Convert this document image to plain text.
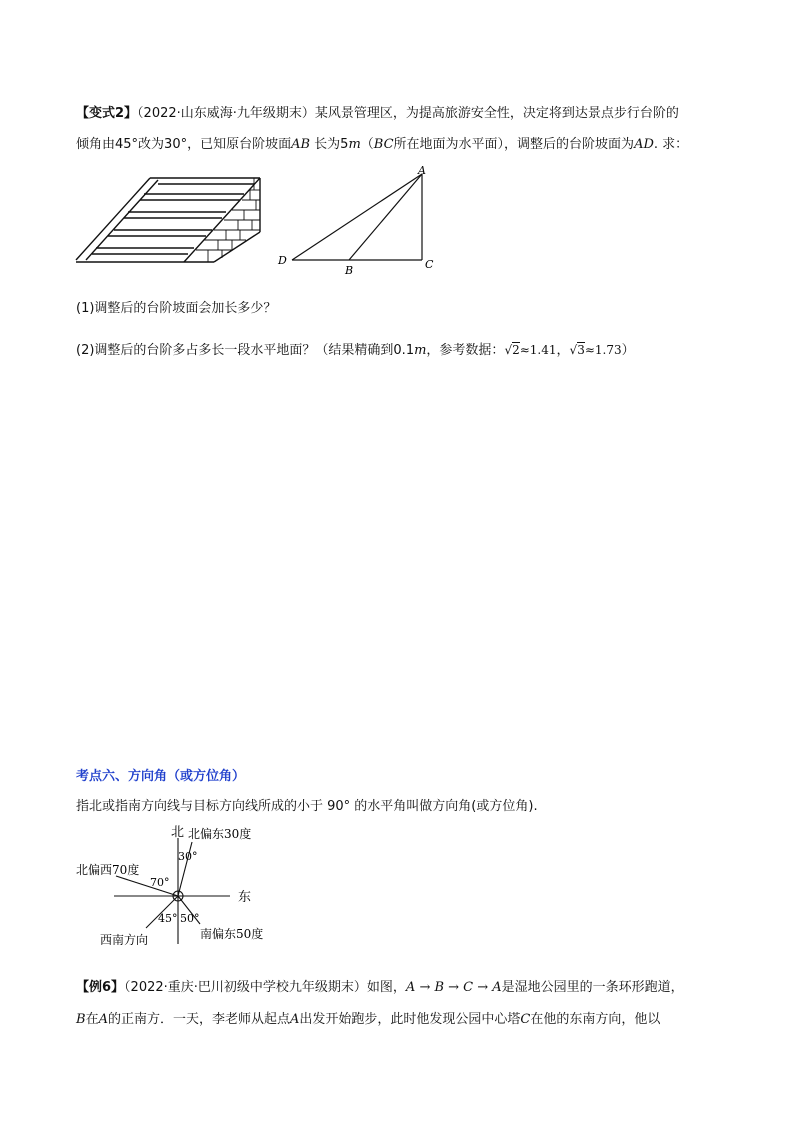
【变式2】（2022·山东威海·九年级期末）某风景管理区，为提高旅游安全性，决定将到达景点步行台阶的
倾角由45°改为30°，已知原台阶坡面AB 长为5m（BC所在地面为水平面），调整后的台阶坡面为AD. 求：
A
B	C
D
(1)调整后的台阶坡面会加长多少？
(2)调整后的台阶多占多长一段水平地面？（结果精确到0.1m，参考数据：√2≈1.41，√3≈1.73）
考点六、方向角（或方位角）
指北或指南方向线与目标方向线所成的小于 90° 的水平角叫做方向角(或方位角).
北 北偏东30度
30°
北偏西70度
70°
东
45° 50°
西南方向	南偏东50度
【例6】（2022·重庆·巴川初级中学校九年级期末）如图，A → B → C → A是湿地公园里的一条环形跑道，
B在A的正南方．一天，李老师从起点A出发开始跑步，此时他发现公园中心塔C在他的东南方向，他以
